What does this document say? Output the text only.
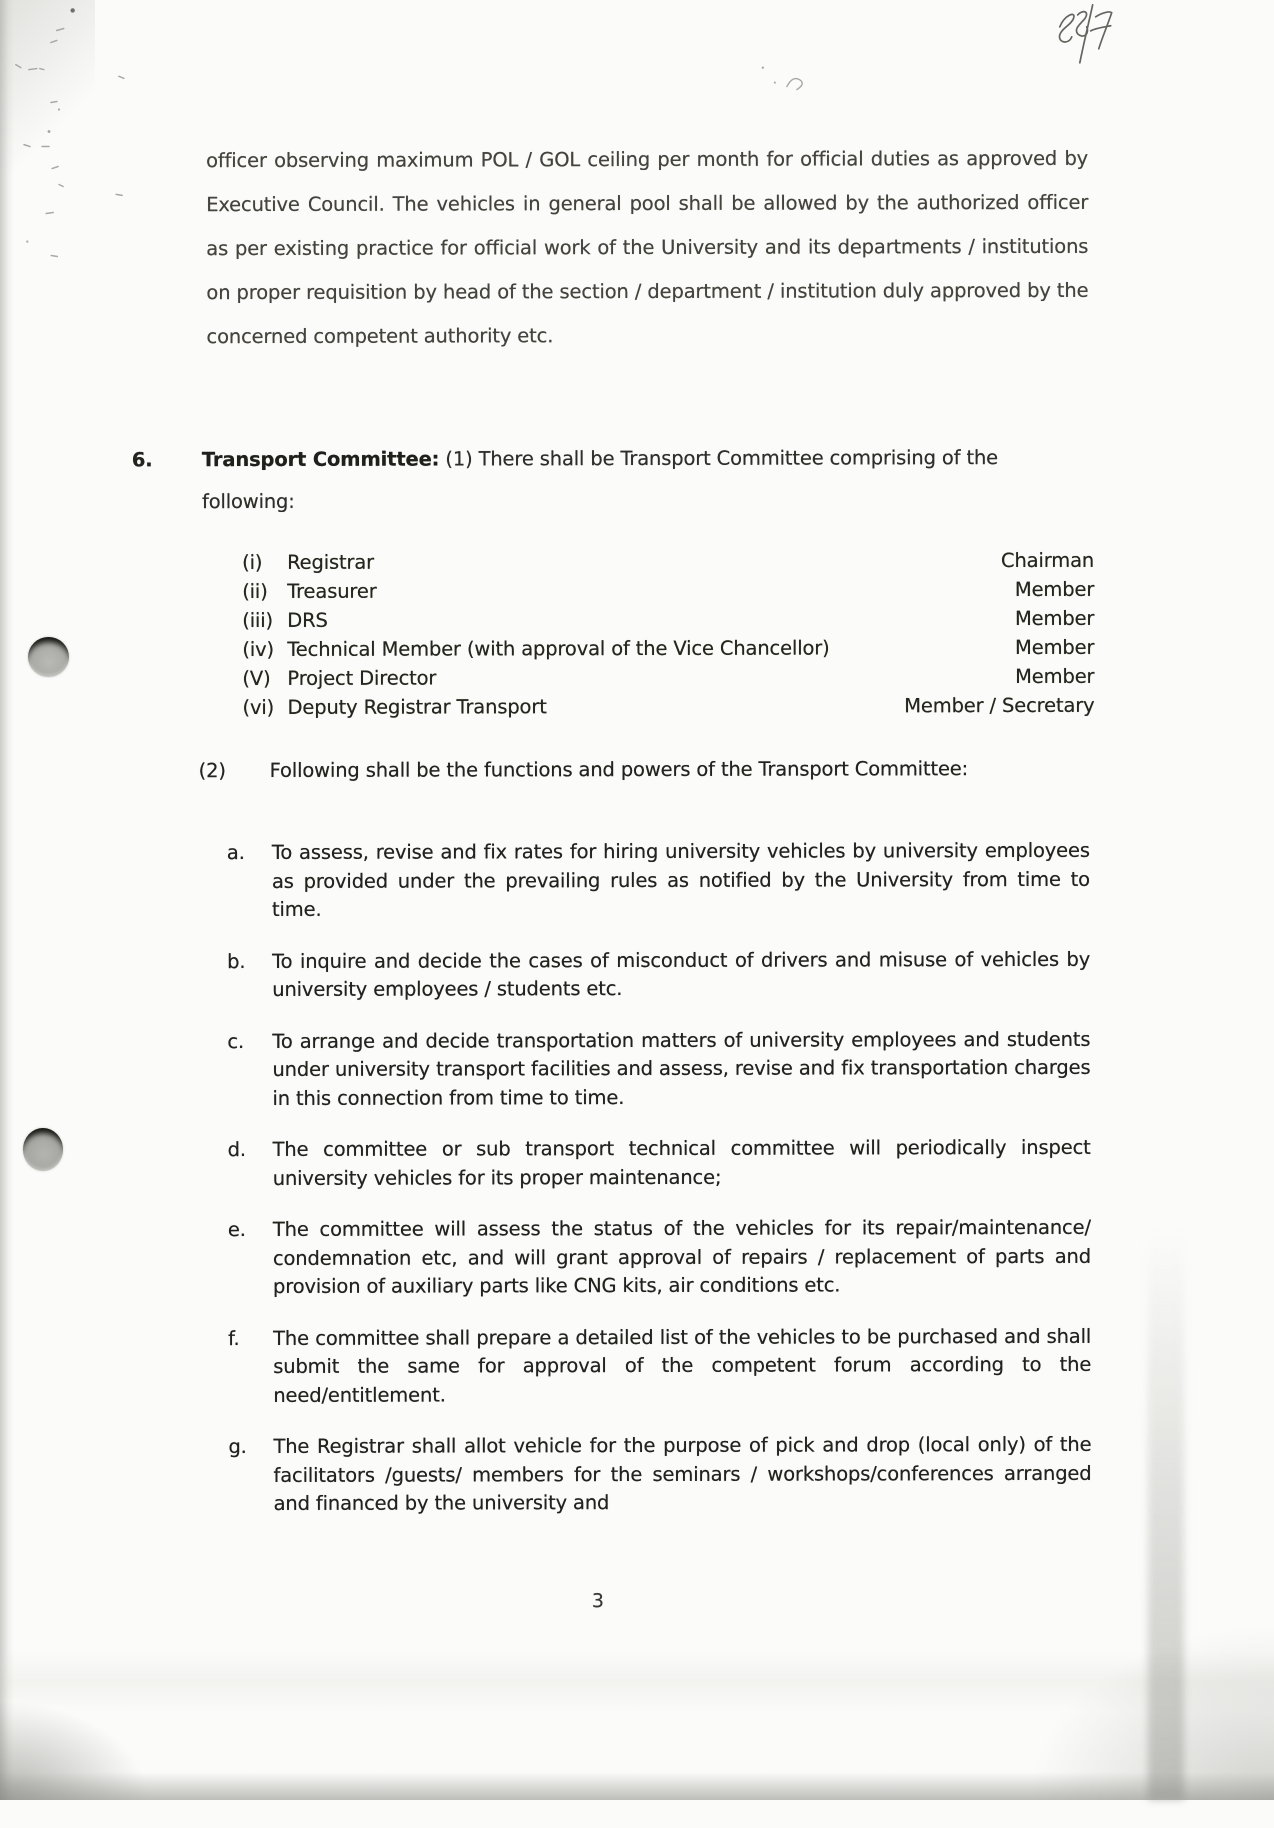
officer observing maximum POL / GOL ceiling per month for official duties as approved by Executive Council. The vehicles in general pool shall be allowed by the authorized officer as per existing practice for official work of the University and its departments / institutions on proper requisition by head of the section / department / institution duly approved by the concerned competent authority etc.
6.	Transport Committee: (1) There shall be Transport Committee comprising of the following:
(i)	Registrar	Chairman
(ii) Treasurer	Member
(iii) DRS	Member
(iv) Technical Member (with approval of the Vice Chancellor)	Member
(V) Project Director	Member
(vi) Deputy Registrar Transport	Member / Secretary
(2) Following shall be the functions and powers of the Transport Committee:
a.	To assess, revise and fix rates for hiring university vehicles by university employees as provided under the prevailing rules as notified by the University from time to time.
b.	To inquire and decide the cases of misconduct of drivers and misuse of vehicles by university employees / students etc.
c.	To arrange and decide transportation matters of university employees and students under university transport facilities and assess, revise and fix transportation charges in this connection from time to time.
d.	The committee or sub transport technical committee will periodically inspect university vehicles for its proper maintenance;
e.	The committee will assess the status of the vehicles for its repair/maintenance/ condemnation etc, and will grant approval of repairs / replacement of parts and provision of auxiliary parts like CNG kits, air conditions etc.
f.	The committee shall prepare a detailed list of the vehicles to be purchased and shall submit the same for approval of the competent forum according to the need/entitlement.
g.	The Registrar shall allot vehicle for the purpose of pick and drop (local only) of the facilitators /guests/ members for the seminars / workshops/conferences arranged and financed by the university and
3
